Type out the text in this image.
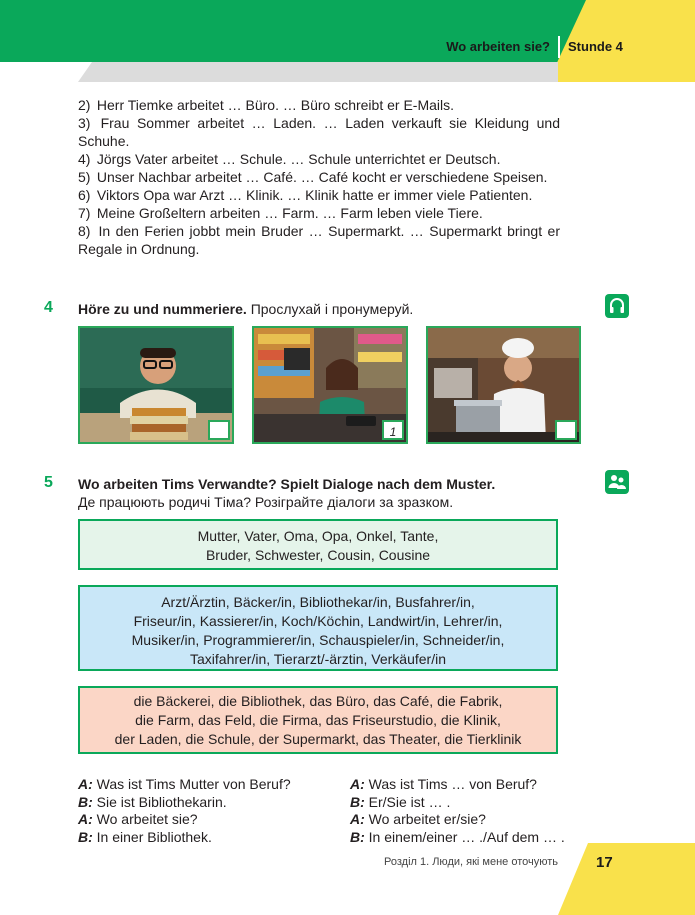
Wo arbeiten sie? Stunde 4
2) Herr Tiemke arbeitet … Büro. … Büro schreibt er E-Mails.
3) Frau Sommer arbeitet … Laden. … Laden verkauft sie Kleidung und Schuhe.
4) Jörgs Vater arbeitet … Schule. … Schule unterrichtet er Deutsch.
5) Unser Nachbar arbeitet … Café. … Café kocht er verschiedene Speisen.
6) Viktors Opa war Arzt … Klinik. … Klinik hatte er immer viele Patienten.
7) Meine Großeltern arbeiten … Farm. … Farm leben viele Tiere.
8) In den Ferien jobbt mein Bruder … Supermarkt. … Supermarkt bringt er Regale in Ordnung.
4 Höre zu und nummeriere. Прослухай і пронумеруй.
1
5 Wo arbeiten Tims Verwandte? Spielt Dialoge nach dem Muster.
Де працюють родичі Тіма? Розіграйте діалоги за зразком.
Mutter, Vater, Oma, Opa, Onkel, Tante,
Bruder, Schwester, Cousin, Cousine
Arzt/Ärztin, Bäcker/in, Bibliothekar/in, Busfahrer/in,
Friseur/in, Kassierer/in, Koch/Köchin, Landwirt/in, Lehrer/in,
Musiker/in, Programmierer/in, Schauspieler/in, Schneider/in,
Taxifahrer/in, Tierarzt/-ärztin, Verkäufer/in
die Bäckerei, die Bibliothek, das Büro, das Café, die Fabrik,
die Farm, das Feld, die Firma, das Friseurstudio, die Klinik,
der Laden, die Schule, der Supermarkt, das Theater, die Tierklinik
A: Was ist Tims Mutter von Beruf?
B: Sie ist Bibliothekarin.
A: Wo arbeitet sie?
B: In einer Bibliothek.
A: Was ist Tims … von Beruf?
B: Er/Sie ist … .
A: Wo arbeitet er/sie?
B: In einem/einer … ./Auf dem … .
Розділ 1. Люди, які мене оточують	17
